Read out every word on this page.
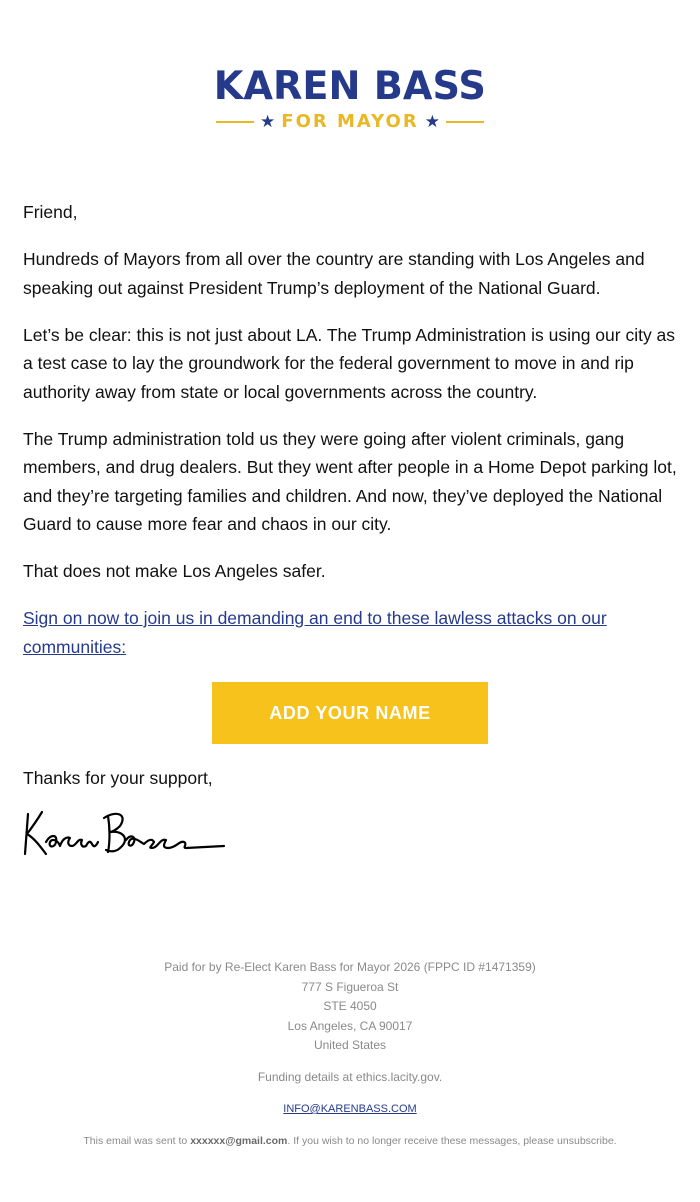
KAREN BASS
★ FOR MAYOR ★

Friend,

Hundreds of Mayors from all over the country are standing with Los Angeles and speaking out against President Trump’s deployment of the National Guard.

Let’s be clear: this is not just about LA. The Trump Administration is using our city as a test case to lay the groundwork for the federal government to move in and rip authority away from state or local governments across the country.

The Trump administration told us they were going after violent criminals, gang members, and drug dealers. But they went after people in a Home Depot parking lot, and they’re targeting families and children. And now, they’ve deployed the National Guard to cause more fear and chaos in our city.

That does not make Los Angeles safer.

Sign on now to join us in demanding an end to these lawless attacks on our communities:

ADD YOUR NAME
Thanks for your support,
Paid for by Re-Elect Karen Bass for Mayor 2026 (FPPC ID #1471359)
777 S Figueroa St
STE 4050
Los Angeles, CA 90017
United States
Funding details at ethics.lacity.gov.
INFO@KARENBASS.COM
This email was sent to xxxxxx@gmail.com. If you wish to no longer receive these messages, please unsubscribe.
